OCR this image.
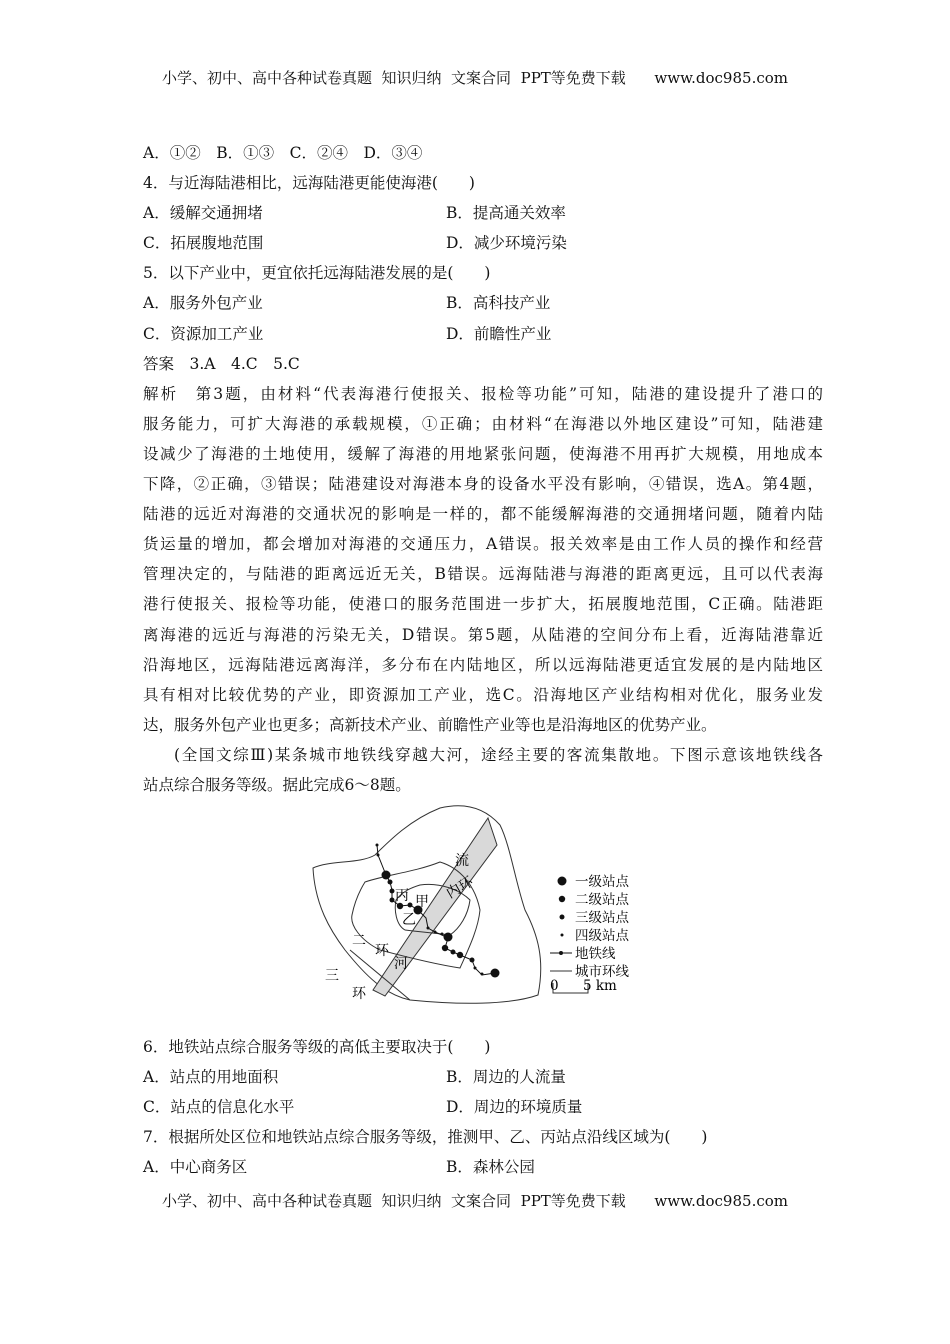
小学、初中、高中各种试卷真题  知识归纳  文案合同  PPT等免费下载      www.doc985.com
A．①②　B．①③　C．②④　D．③④
4．与近海陆港相比，远海陆港更能使海港(　　)
A．缓解交通拥堵	B．提高通关效率
C．拓展腹地范围	D．减少环境污染
5．以下产业中，更宜依托远海陆港发展的是(　　)
A．服务外包产业	B．高科技产业
C．资源加工产业	D．前瞻性产业
答案　3.A　4.C　5.C
解析　第3题，由材料“代表海港行使报关、报检等功能”可知，陆港的建设提升了港口的
服务能力，可扩大海港的承载规模，①正确；由材料“在海港以外地区建设”可知，陆港建
设减少了海港的土地使用，缓解了海港的用地紧张问题，使海港不用再扩大规模，用地成本
下降，②正确，③错误；陆港建设对海港本身的设备水平没有影响，④错误，选A。第4题，
陆港的远近对海港的交通状况的影响是一样的，都不能缓解海港的交通拥堵问题，随着内陆
货运量的增加，都会增加对海港的交通压力，A错误。报关效率是由工作人员的操作和经营
管理决定的，与陆港的距离远近无关，B错误。远海陆港与海港的距离更远，且可以代表海
港行使报关、报检等功能，使港口的服务范围进一步扩大，拓展腹地范围，C正确。陆港距
离海港的远近与海港的污染无关，D错误。第5题，从陆港的空间分布上看，近海陆港靠近
沿海地区，远海陆港远离海洋，多分布在内陆地区，所以远海陆港更适宜发展的是内陆地区
具有相对比较优势的产业，即资源加工产业，选C。沿海地区产业结构相对优化，服务业发
达，服务外包产业也更多；高新技术产业、前瞻性产业等也是沿海地区的优势产业。
(全国文综Ⅲ)某条城市地铁线穿越大河，途经主要的客流集散地。下图示意该地铁线各
站点综合服务等级。据此完成6～8题。
丙 甲
乙
流
河
内环
二
环
三
环
一级站点
二级站点
三级站点
四级站点
地铁线
城市环线
0 5 km
6．地铁站点综合服务等级的高低主要取决于(　　)
A．站点的用地面积	B．周边的人流量
C．站点的信息化水平	D．周边的环境质量
7．根据所处区位和地铁站点综合服务等级，推测甲、乙、丙站点沿线区域为(　　)
A．中心商务区	B．森林公园
小学、初中、高中各种试卷真题  知识归纳  文案合同  PPT等免费下载      www.doc985.com
